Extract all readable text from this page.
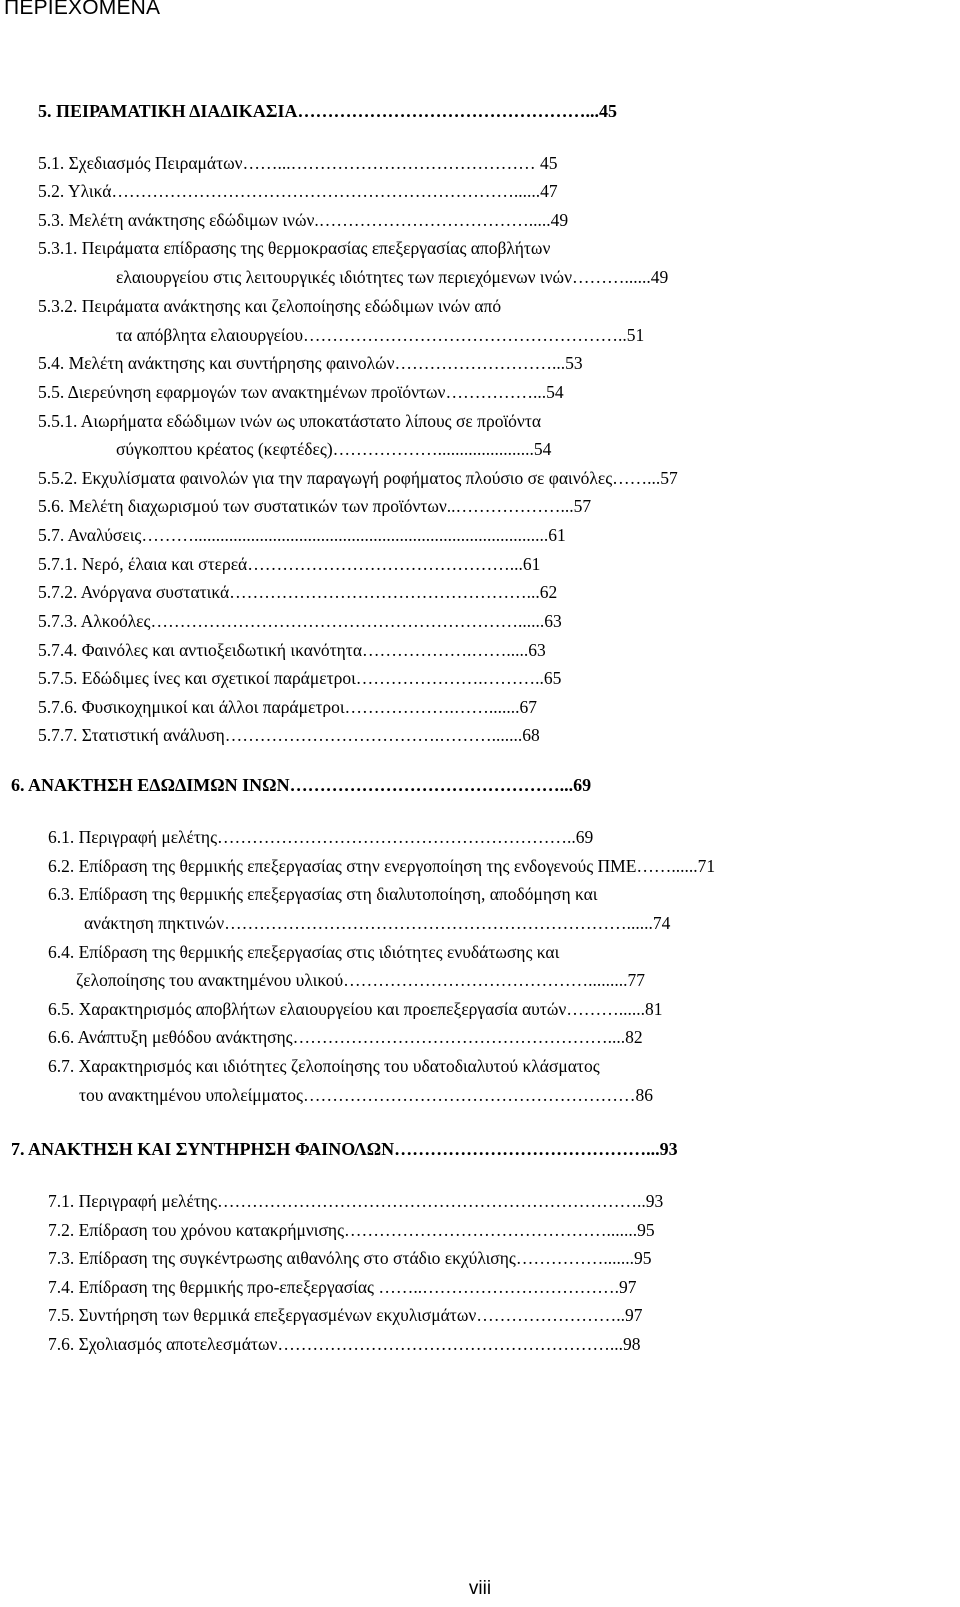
ΠΕΡΙΕΧΟΜΕΝΑ
5. ΠΕΙΡΑΜΑΤΙΚΗ ΔΙΑΔΙΚΑΣΙΑ…………………………………………...45
5.1. Σχεδιασμός Πειραμάτων……...…………………………………… 45
5.2. Υλικά……………………………………………………………......47
5.3. Μελέτη ανάκτησης εδώδιμων ινών.……………………………….....49
5.3.1. Πειράματα επίδρασης της θερμοκρασίας επεξεργασίας αποβλήτων
ελαιουργείου στις λειτουργικές ιδιότητες των περιεχόμενων ινών………......49
5.3.2. Πειράματα ανάκτησης και ζελοποίησης εδώδιμων ινών από
τα απόβλητα ελαιουργείου………………………………………………..51
5.4. Μελέτη ανάκτησης και συντήρησης φαινολών………………………...53
5.5. Διερεύνηση εφαρμογών των ανακτημένων προϊόντων……………...54
5.5.1. Αιωρήματα εδώδιμων ινών ως υποκατάστατο λίπους σε προϊόντα
σύγκοπτου κρέατος (κεφτέδες)………………......................54
5.5.2. Εκχυλίσματα φαινολών για την παραγωγή ροφήματος πλούσιο σε φαινόλες……...57
5.6. Μελέτη διαχωρισμού των συστατικών των προϊόντων..………………...57
5.7. Αναλύσεις……….................................................................................61
5.7.1. Νερό, έλαια και στερεά………………………………………...61
5.7.2. Ανόργανα συστατικά……………………………………………...62
5.7.3. Αλκοόλες………………………………………………………......63
5.7.4. Φαινόλες και αντιοξειδωτική ικανότητα……………….…….....63
5.7.5. Εδώδιμες ίνες και σχετικοί παράμετροι………………….………..65
5.7.6. Φυσικοχημικοί και άλλοι παράμετροι……………….…….......67
5.7.7. Στατιστική ανάλυση……………………………….……….......68
6. ΑΝΑΚΤΗΣΗ ΕΔΩΔΙΜΩΝ ΙΝΩΝ………………………………………...69
6.1. Περιγραφή μελέτης……………………………………………………..69
6.2. Επίδραση της θερμικής επεξεργασίας στην ενεργοποίηση της ενδογενούς ΠΜΕ……......71
6.3. Επίδραση της θερμικής επεξεργασίας στη διαλυτοποίηση, αποδόμηση και
ανάκτηση πηκτινών……………………………………………………………......74
6.4. Επίδραση της θερμικής επεξεργασίας στις ιδιότητες ενυδάτωσης και
ζελοποίησης του ανακτημένου υλικού…………………………………….........77
6.5. Χαρακτηρισμός αποβλήτων ελαιουργείου και προεπεξεργασία αυτών………......81
6.6. Ανάπτυξη μεθόδου ανάκτησης………………………………………………....82
6.7. Χαρακτηρισμός και ιδιότητες ζελοποίησης του υδατοδιαλυτού κλάσματος
του ανακτημένου υπολείμματος…………………………………………………86
7. ΑΝΑΚΤΗΣΗ ΚΑΙ ΣΥΝΤΗΡΗΣΗ ΦΑΙΝΟΛΩΝ……………………………………...93
7.1. Περιγραφή μελέτης………………………………………………………………..93
7.2. Επίδραση του χρόνου κατακρήμνισης……………………………………….......95
7.3. Επίδραση της συγκέντρωσης αιθανόλης στο στάδιο εκχύλισης…………….......95
7.4. Επίδραση της θερμικής προ-επεξεργασίας ……..…………………………….97
7.5. Συντήρηση των θερμικά επεξεργασμένων εκχυλισμάτων……………………..97
7.6. Σχολιασμός αποτελεσμάτων…………………………………………………...98
viii
